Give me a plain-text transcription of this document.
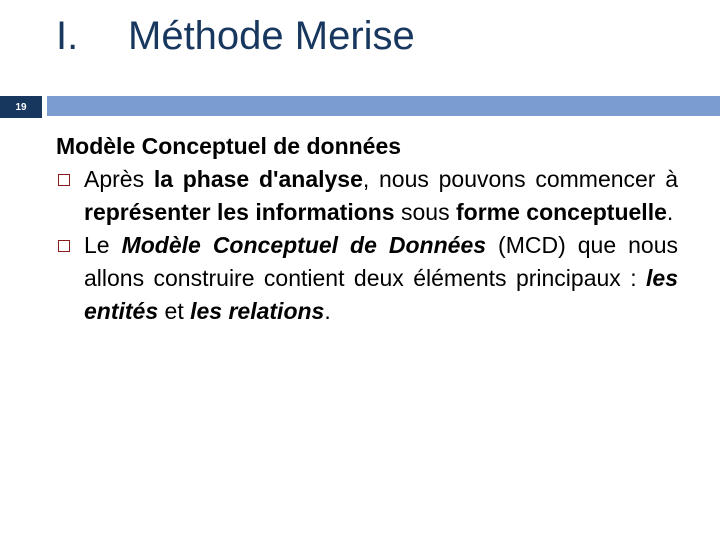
I.	Méthode Merise
19
Modèle Conceptuel de données
Après la phase d'analyse, nous pouvons commencer à représenter les informations sous forme conceptuelle.
Le Modèle Conceptuel de Données (MCD) que nous allons construire contient deux éléments principaux : les entités et les relations.
